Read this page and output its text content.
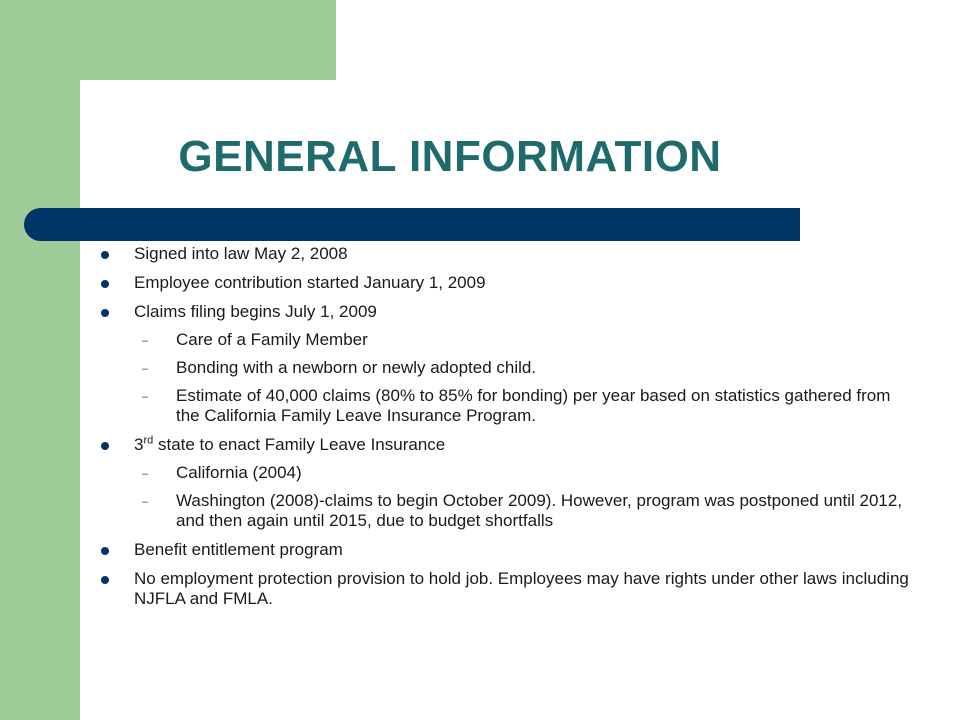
GENERAL INFORMATION
Signed into law May 2, 2008
Employee contribution started January 1, 2009
Claims filing begins July 1, 2009
– Care of a Family Member
– Bonding with a newborn or newly adopted child.
– Estimate of 40,000 claims (80% to 85% for bonding) per year based on statistics gathered from the California Family Leave Insurance Program.
3rd state to enact Family Leave Insurance
– California (2004)
– Washington (2008)-claims to begin October 2009). However, program was postponed until 2012, and then again until 2015, due to budget shortfalls
Benefit entitlement program
No employment protection provision to hold job. Employees may have rights under other laws including NJFLA and FMLA.
